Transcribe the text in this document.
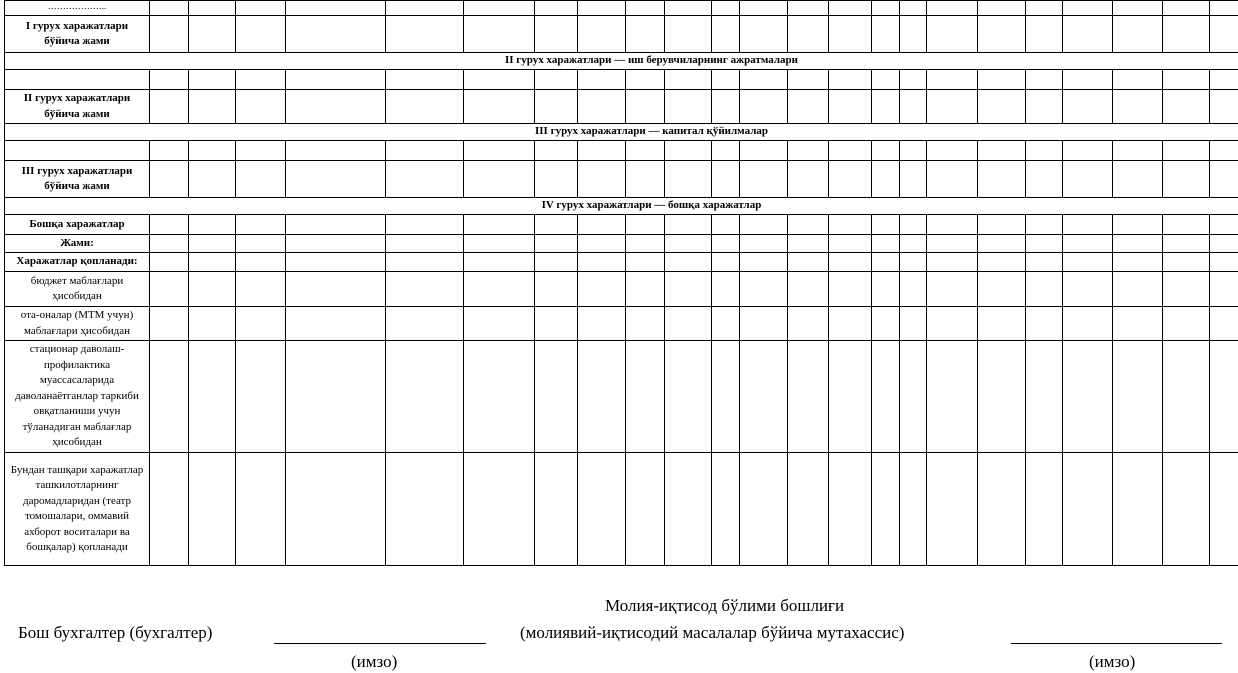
………………..																								
I гурух харажатлари бўйича жами																								
II гурух харажатлари — иш берувчиларнинг ажратмалари																								

II гурух харажатлари бўйича жами																								
III гурух харажатлари — капитал қўйилмалар																								

III гурух харажатлари бўйича жами																								
IV гурух харажатлари — бошқа харажатлар																								
Бошқа харажатлар																								
Жами:																								
Харажатлар қопланади:																								
бюджет маблағлари ҳисобидан																								
ота-оналар (МТМ учун) маблағлари ҳисобидан																								
стационар даволаш-профилактика муассасаларида даволанаётганлар таркиби овқатланиши учун тўланадиган маблағлар ҳисобидан																								
Бундан ташқари харажатлар ташкилотларнинг даромадларидан (театр томошалари, оммавий ахборот воситалари ва бошқалар) қопланади																								
Бош бухгалтер (бухгалтер)
(имзо)
Молия-иқтисод бўлими бошлиғи
(молиявий-иқтисодий масалалар бўйича мутахассис)
(имзо)
